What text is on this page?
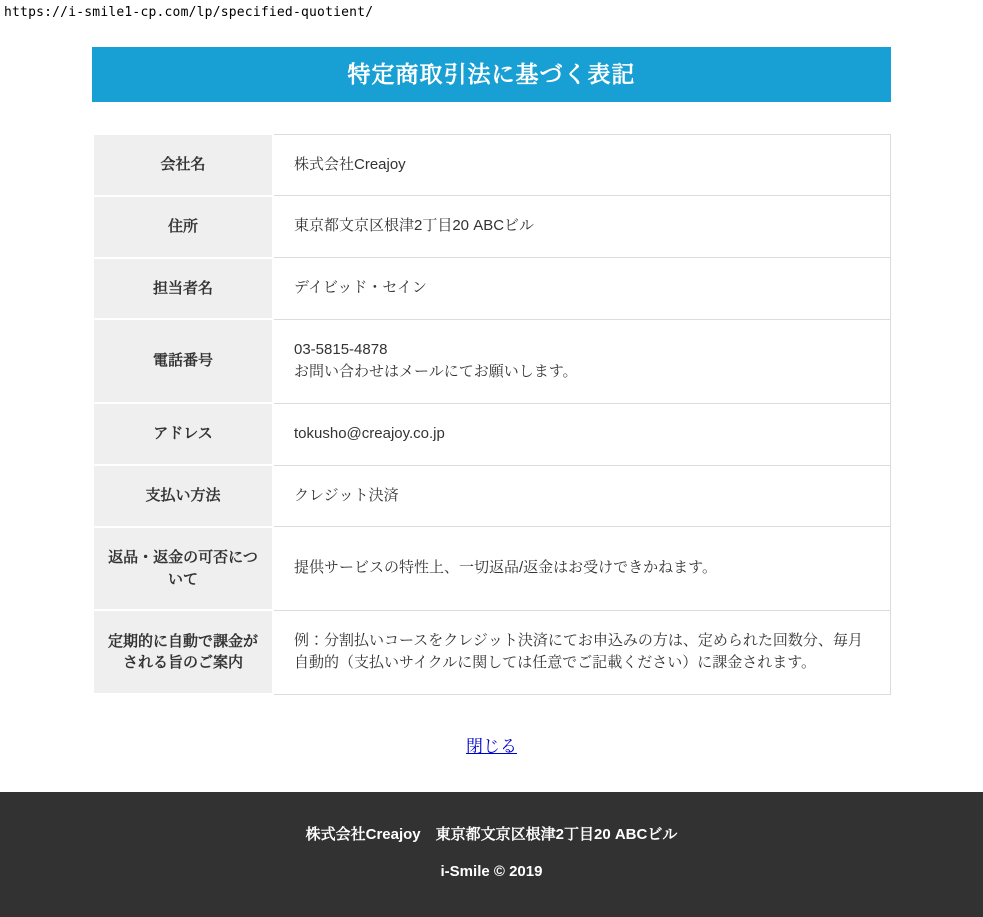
https://i-smile1-cp.com/lp/specified-quotient/
特定商取引法に基づく表記
会社名	株式会社Creajoy

住所	東京都文京区根津2丁目20 ABCビル

担当者名	デイビッド・セイン

電話番号	03-5815-4878
お問い合わせはメールにてお願いします。

アドレス	tokusho@creajoy.co.jp

支払い方法	クレジット決済

返品・返金の可否について	提供サービスの特性上、一切返品/返金はお受けできかねます。

定期的に自動で課金がされる旨のご案内	例：分割払いコースをクレジット決済にてお申込みの方は、定められた回数分、毎月自動的（支払いサイクルに関しては任意でご記載ください）に課金されます。
閉じる

株式会社Creajoy　東京都文京区根津2丁目20 ABCビル

i-Smile © 2019
